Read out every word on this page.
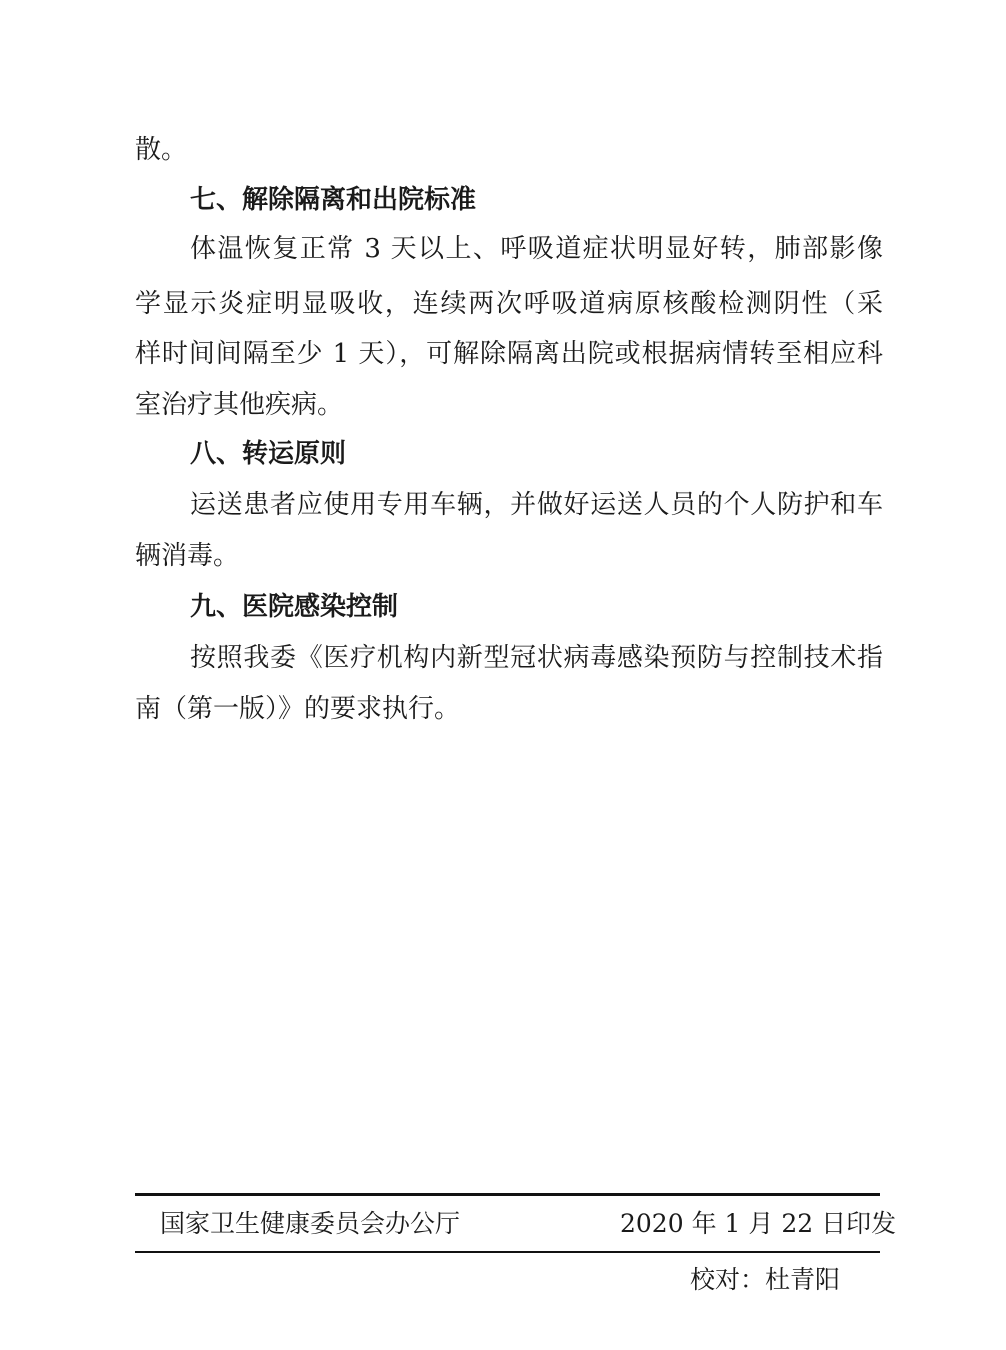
散。
七、解除隔离和出院标准
体温恢复正常 3 天以上、呼吸道症状明显好转，肺部影像
学显示炎症明显吸收，连续两次呼吸道病原核酸检测阴性（采
样时间间隔至少 1 天），可解除隔离出院或根据病情转至相应科
室治疗其他疾病。
八、转运原则
运送患者应使用专用车辆，并做好运送人员的个人防护和车
辆消毒。
九、医院感染控制
按照我委《医疗机构内新型冠状病毒感染预防与控制技术指
南（第一版）》的要求执行。
国家卫生健康委员会办公厅	2020 年 1 月 22 日印发
校对：杜青阳
